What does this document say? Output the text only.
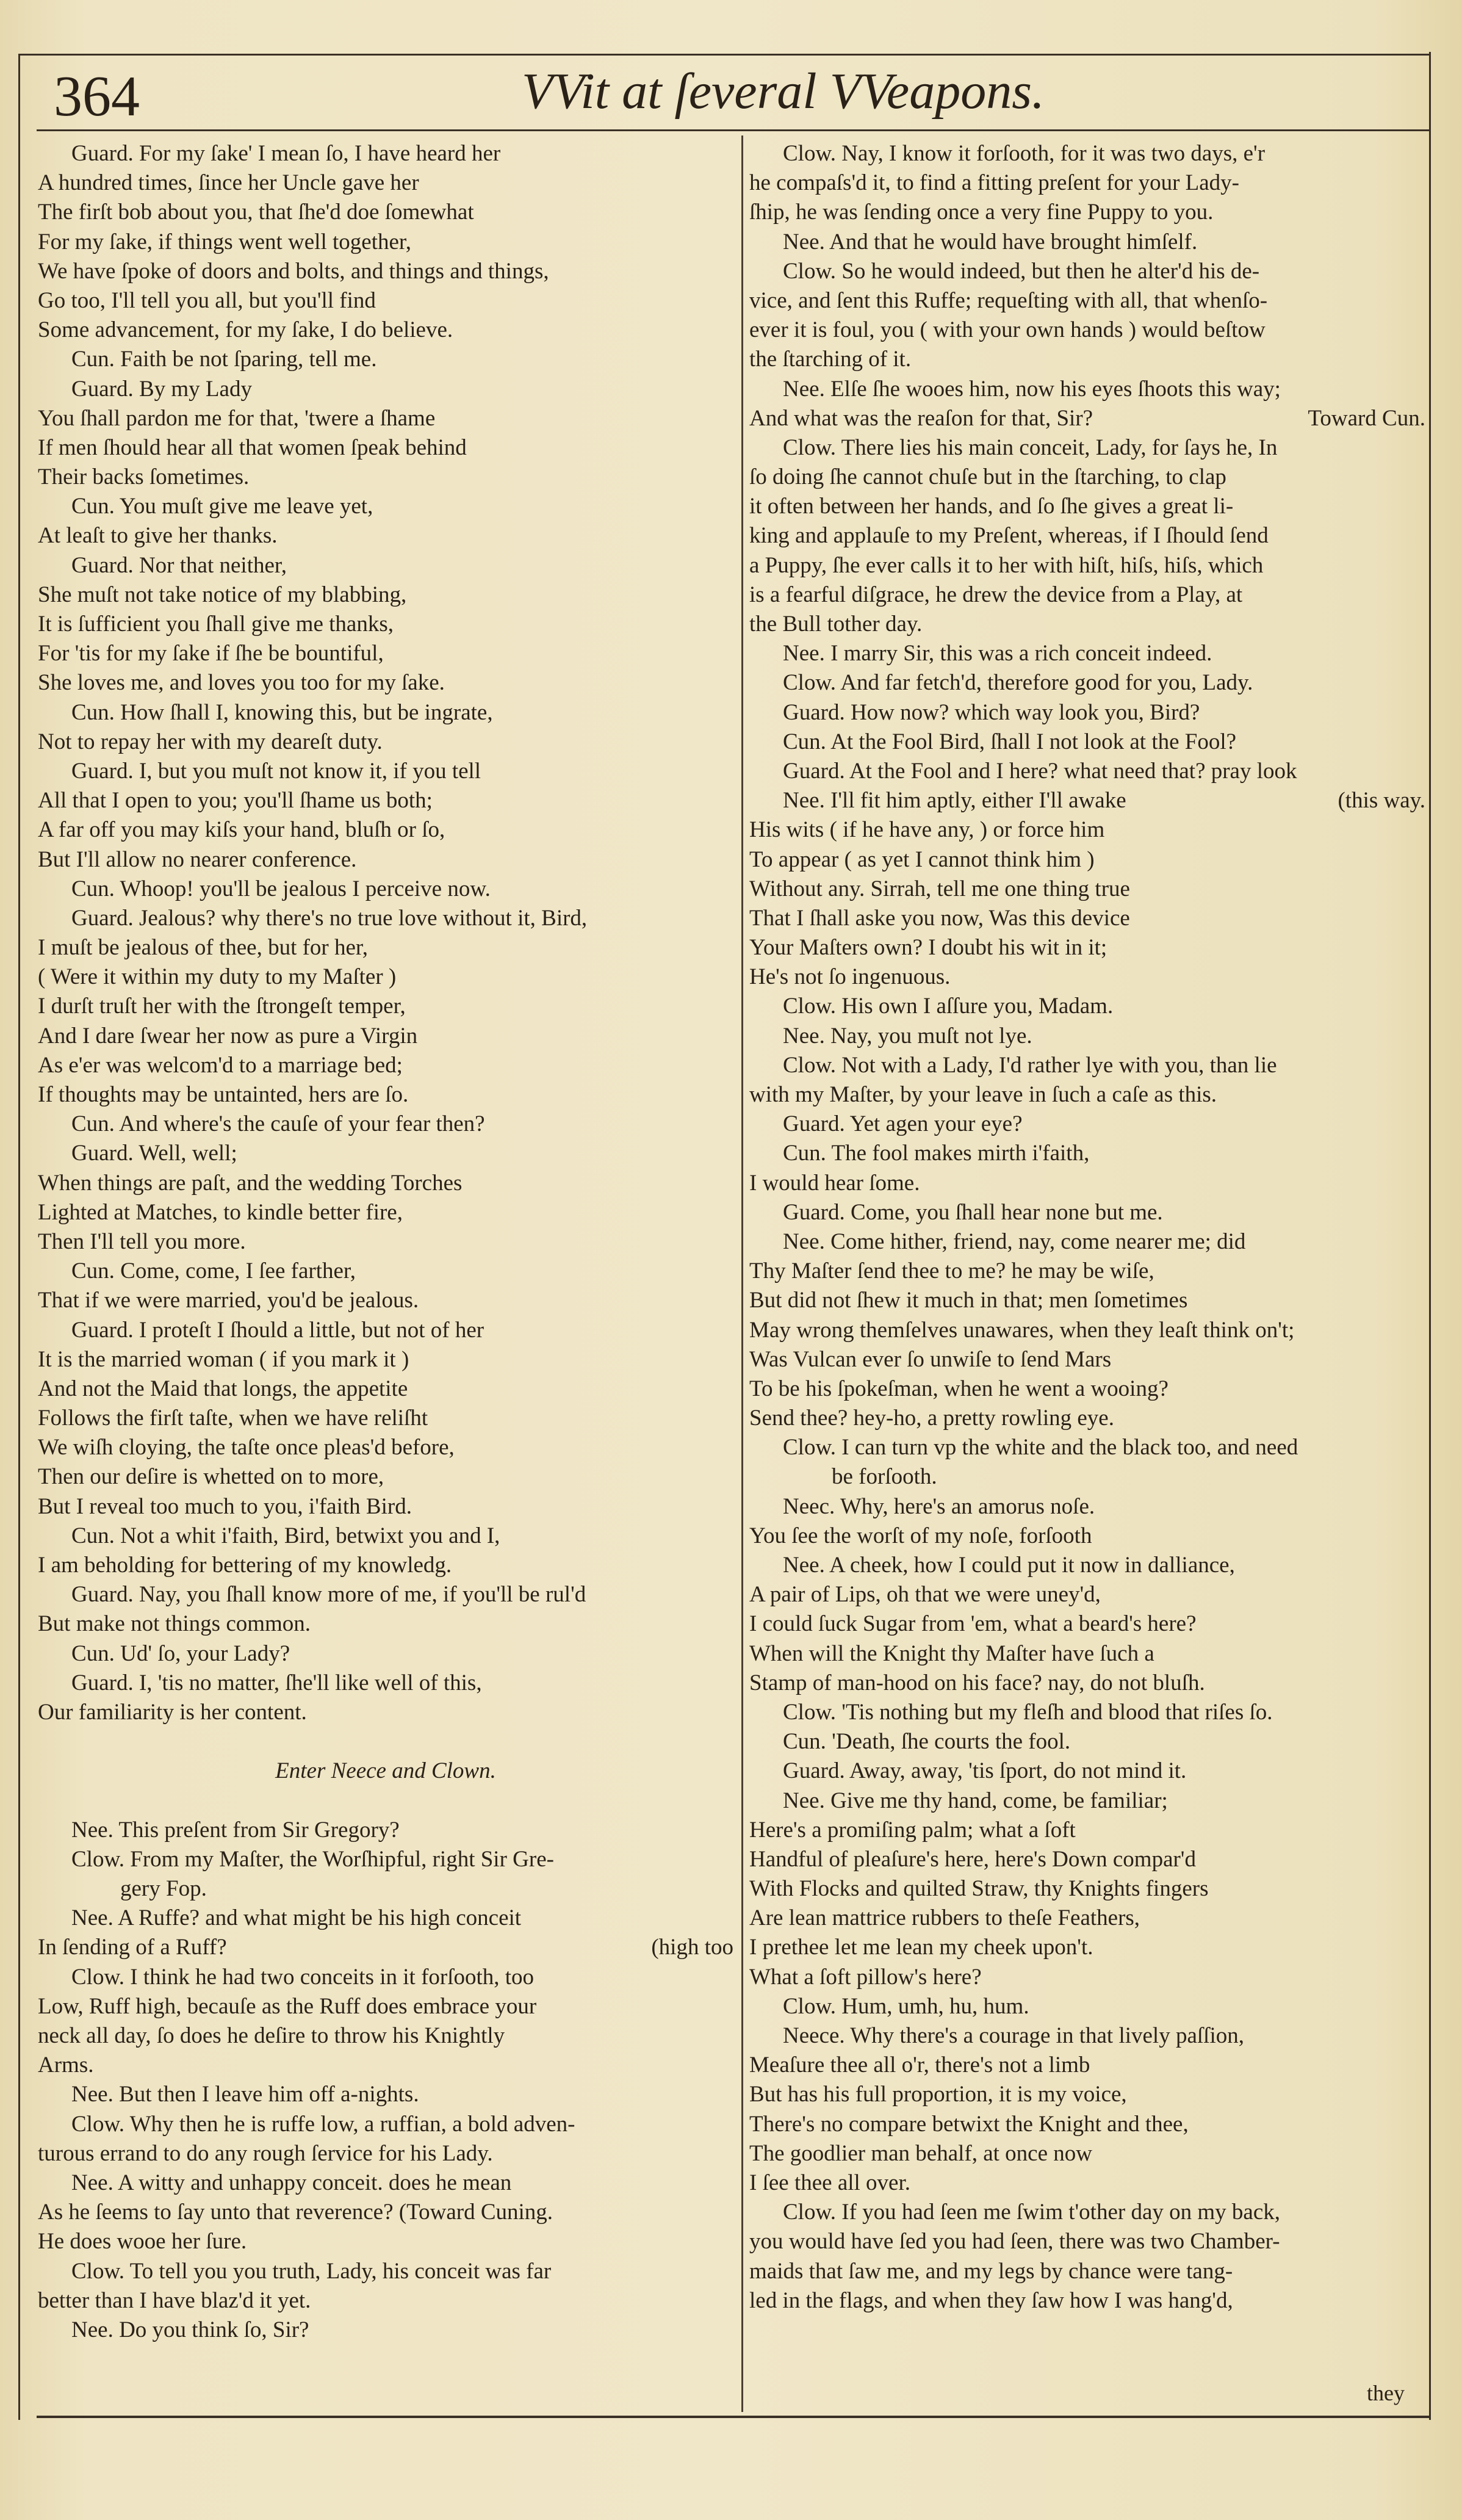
364	VVit at ſeveral VVeapons.
Guard. For my ſake' I mean ſo, I have heard her
A hundred times, ſince her Uncle gave her
The firſt bob about you, that ſhe'd doe ſomewhat
For my ſake, if things went well together,
We have ſpoke of doors and bolts, and things and things,
Go too, I'll tell you all, but you'll find
Some advancement, for my ſake, I do believe.
Cun. Faith be not ſparing, tell me.
Guard. By my Lady
You ſhall pardon me for that, 'twere a ſhame
If men ſhould hear all that women ſpeak behind
Their backs ſometimes.
Cun. You muſt give me leave yet,
At leaſt to give her thanks.
Guard. Nor that neither,
She muſt not take notice of my blabbing,
It is ſufficient you ſhall give me thanks,
For 'tis for my ſake if ſhe be bountiful,
She loves me, and loves you too for my ſake.
Cun. How ſhall I, knowing this, but be ingrate,
Not to repay her with my deareſt duty.
Guard. I, but you muſt not know it, if you tell
All that I open to you; you'll ſhame us both;
A far off you may kiſs your hand, bluſh or ſo,
But I'll allow no nearer conference.
Cun. Whoop! you'll be jealous I perceive now.
Guard. Jealous? why there's no true love without it, Bird,
I muſt be jealous of thee, but for her,
( Were it within my duty to my Maſter )
I durſt truſt her with the ſtrongeſt temper,
And I dare ſwear her now as pure a Virgin
As e'er was welcom'd to a marriage bed;
If thoughts may be untainted, hers are ſo.
Cun. And where's the cauſe of your fear then?
Guard. Well, well;
When things are paſt, and the wedding Torches
Lighted at Matches, to kindle better fire,
Then I'll tell you more.
Cun. Come, come, I ſee farther,
That if we were married, you'd be jealous.
Guard. I proteſt I ſhould a little, but not of her
It is the married woman ( if you mark it )
And not the Maid that longs, the appetite
Follows the firſt taſte, when we have reliſht
We wiſh cloying, the taſte once pleas'd before,
Then our deſire is whetted on to more,
But I reveal too much to you, i'faith Bird.
Cun. Not a whit i'faith, Bird, betwixt you and I,
I am beholding for bettering of my knowledg.
Guard. Nay, you ſhall know more of me, if you'll be rul'd
But make not things common.
Cun. Ud' ſo, your Lady?
Guard. I, 'tis no matter, ſhe'll like well of this,
Our familiarity is her content.
Enter Neece and Clown.
Nee. This preſent from Sir Gregory?
Clow. From my Maſter, the Worſhipful, right Sir Gre-
gery Fop.
Nee. A Ruffe? and what might be his high conceit
(high too
In ſending of a Ruff?
Clow. I think he had two conceits in it forſooth, too
Low, Ruff high, becauſe as the Ruff does embrace your
neck all day, ſo does he deſire to throw his Knightly
Arms.
Nee. But then I leave him off a-nights.
Clow. Why then he is ruffe low, a ruffian, a bold adven-
turous errand to do any rough ſervice for his Lady.
Nee. A witty and unhappy conceit. does he mean
As he ſeems to ſay unto that reverence? (Toward Cuning.
He does wooe her ſure.
Clow. To tell you you truth, Lady, his conceit was far
better than I have blaz'd it yet.
Nee. Do you think ſo, Sir?
Clow. Nay, I know it forſooth, for it was two days, e'r
he compaſs'd it, to find a fitting preſent for your Lady-
ſhip, he was ſending once a very fine Puppy to you.
Nee. And that he would have brought himſelf.
Clow. So he would indeed, but then he alter'd his de-
vice, and ſent this Ruffe; requeſting with all, that whenſo-
ever it is foul, you ( with your own hands ) would beſtow
the ſtarching of it.
Nee. Elſe ſhe wooes him, now his eyes ſhoots this way;
Toward Cun.
And what was the reaſon for that, Sir?
Clow. There lies his main conceit, Lady, for ſays he, In
ſo doing ſhe cannot chuſe but in the ſtarching, to clap
it often between her hands, and ſo ſhe gives a great li-
king and applauſe to my Preſent, whereas, if I ſhould ſend
a Puppy, ſhe ever calls it to her with hiſt, hiſs, hiſs, which
is a fearful diſgrace, he drew the device from a Play, at
the Bull tother day.
Nee. I marry Sir, this was a rich conceit indeed.
Clow. And far fetch'd, therefore good for you, Lady.
Guard. How now? which way look you, Bird?
Cun. At the Fool Bird, ſhall I not look at the Fool?
Guard. At the Fool and I here? what need that? pray look
(this way.
Nee. I'll fit him aptly, either I'll awake
His wits ( if he have any, ) or force him
To appear ( as yet I cannot think him )
Without any. Sirrah, tell me one thing true
That I ſhall aske you now, Was this device
Your Maſters own? I doubt his wit in it;
He's not ſo ingenuous.
Clow. His own I aſſure you, Madam.
Nee. Nay, you muſt not lye.
Clow. Not with a Lady, I'd rather lye with you, than lie
with my Maſter, by your leave in ſuch a caſe as this.
Guard. Yet agen your eye?
Cun. The fool makes mirth i'faith,
I would hear ſome.
Guard. Come, you ſhall hear none but me.
Nee. Come hither, friend, nay, come nearer me; did
Thy Maſter ſend thee to me? he may be wiſe,
But did not ſhew it much in that; men ſometimes
May wrong themſelves unawares, when they leaſt think on't;
Was Vulcan ever ſo unwiſe to ſend Mars
To be his ſpokeſman, when he went a wooing?
Send thee? hey-ho, a pretty rowling eye.
Clow. I can turn vp the white and the black too, and need
be forſooth.
Neec. Why, here's an amorus noſe.
You ſee the worſt of my noſe, forſooth
Nee. A cheek, how I could put it now in dalliance,
A pair of Lips, oh that we were uney'd,
I could ſuck Sugar from 'em, what a beard's here?
When will the Knight thy Maſter have ſuch a
Stamp of man-hood on his face? nay, do not bluſh.
Clow. 'Tis nothing but my fleſh and blood that riſes ſo.
Cun. 'Death, ſhe courts the fool.
Guard. Away, away, 'tis ſport, do not mind it.
Nee. Give me thy hand, come, be familiar;
Here's a promiſing palm; what a ſoft
Handful of pleaſure's here, here's Down compar'd
With Flocks and quilted Straw, thy Knights fingers
Are lean mattrice rubbers to theſe Feathers,
I prethee let me lean my cheek upon't.
What a ſoft pillow's here?
Clow. Hum, umh, hu, hum.
Neece. Why there's a courage in that lively paſſion,
Meaſure thee all o'r, there's not a limb
But has his full proportion, it is my voice,
There's no compare betwixt the Knight and thee,
The goodlier man behalf, at once now
I ſee thee all over.
Clow. If you had ſeen me ſwim t'other day on my back,
you would have ſed you had ſeen, there was two Chamber-
maids that ſaw me, and my legs by chance were tang-
led in the flags, and when they ſaw how I was hang'd,
they
